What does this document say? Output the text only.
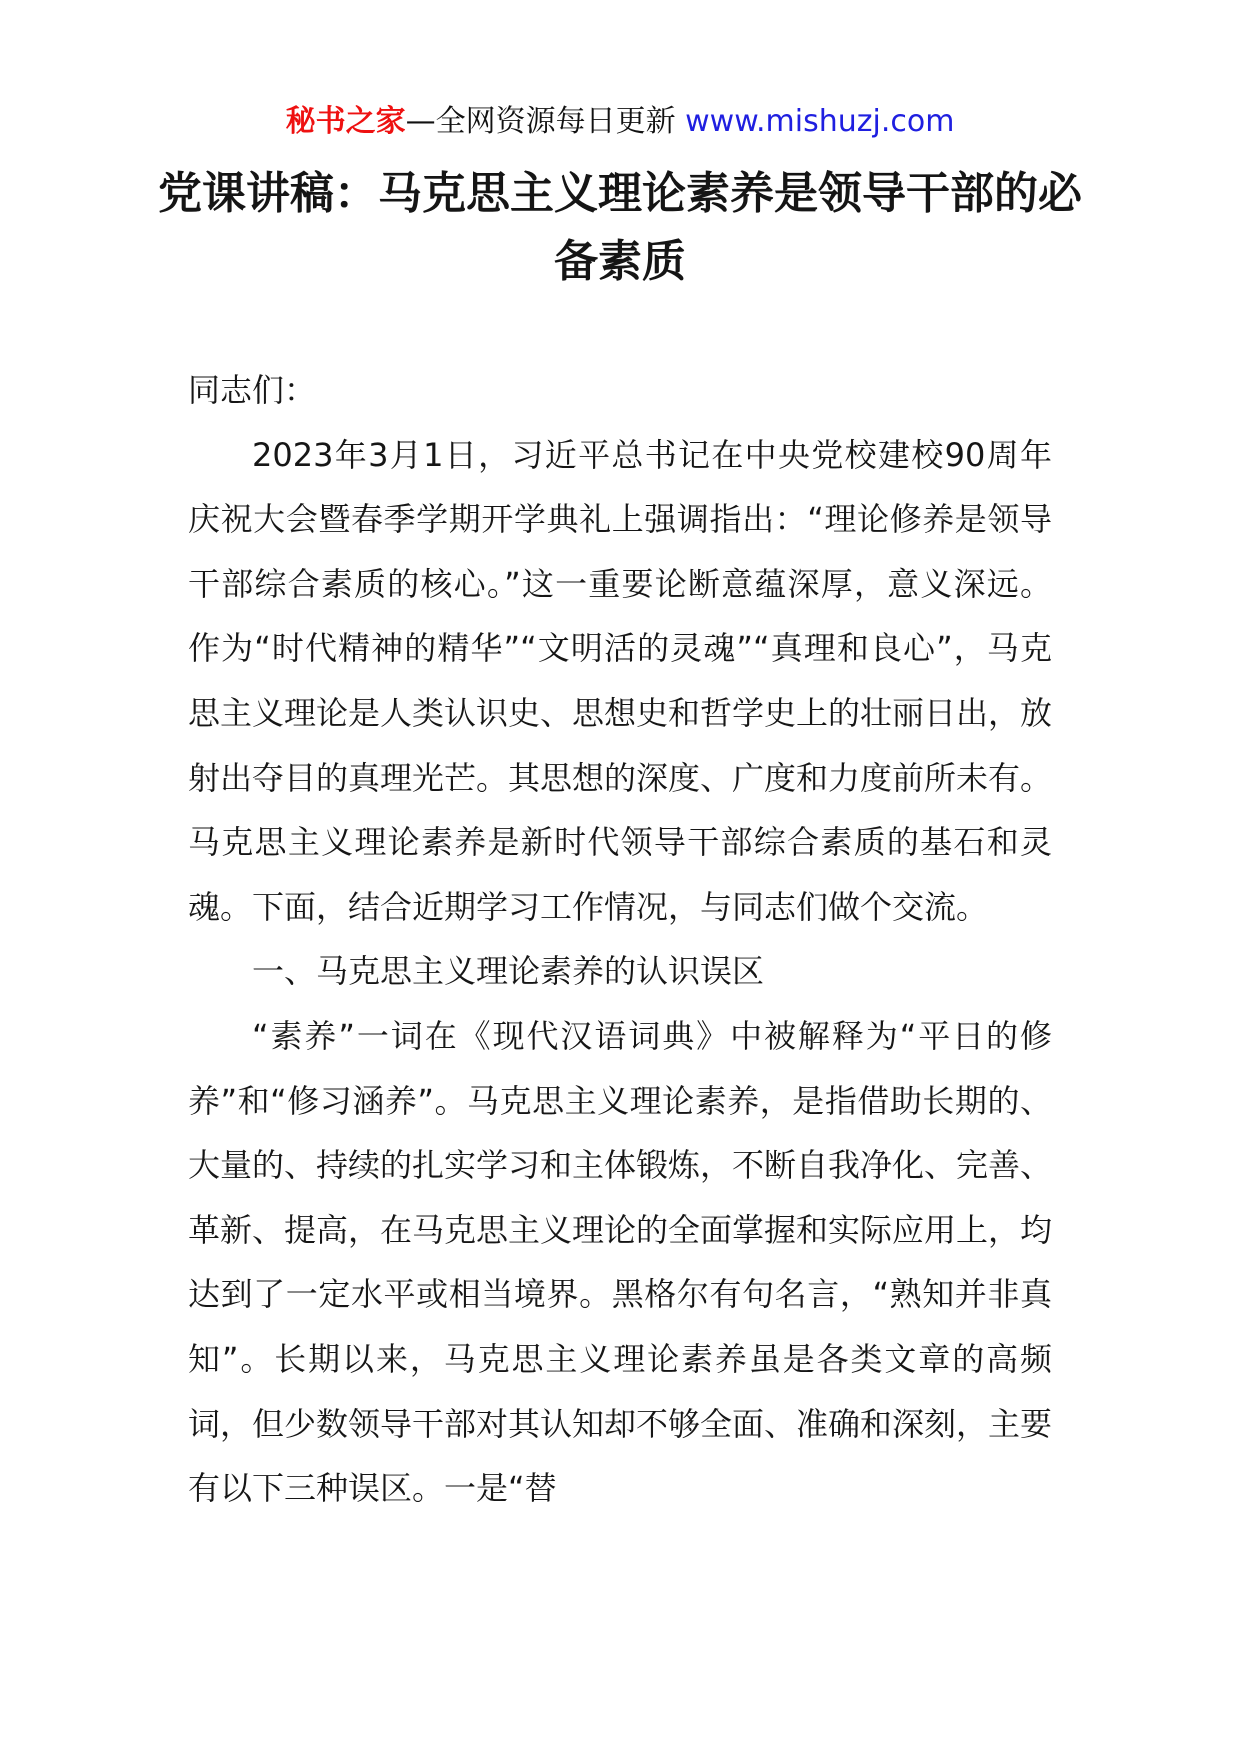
秘书之家—全网资源每日更新 www.mishuzj.com
党课讲稿：马克思主义理论素养是领导干部的必备素质

同志们：

2023年3月1日，习近平总书记在中央党校建校90周年庆祝大会暨春季学期开学典礼上强调指出：“理论修养是领导干部综合素质的核心。”这一重要论断意蕴深厚，意义深远。作为“时代精神的精华”“文明活的灵魂”“真理和良心”，马克思主义理论是人类认识史、思想史和哲学史上的壮丽日出，放射出夺目的真理光芒。其思想的深度、广度和力度前所未有。马克思主义理论素养是新时代领导干部综合素质的基石和灵魂。下面，结合近期学习工作情况，与同志们做个交流。

一、马克思主义理论素养的认识误区

“素养”一词在《现代汉语词典》中被解释为“平日的修养”和“修习涵养”。马克思主义理论素养，是指借助长期的、大量的、持续的扎实学习和主体锻炼，不断自我净化、完善、革新、提高，在马克思主义理论的全面掌握和实际应用上，均达到了一定水平或相当境界。黑格尔有句名言，“熟知并非真知”。长期以来，马克思主义理论素养虽是各类文章的高频词，但少数领导干部对其认知却不够全面、准确和深刻，主要有以下三种误区。一是“替
